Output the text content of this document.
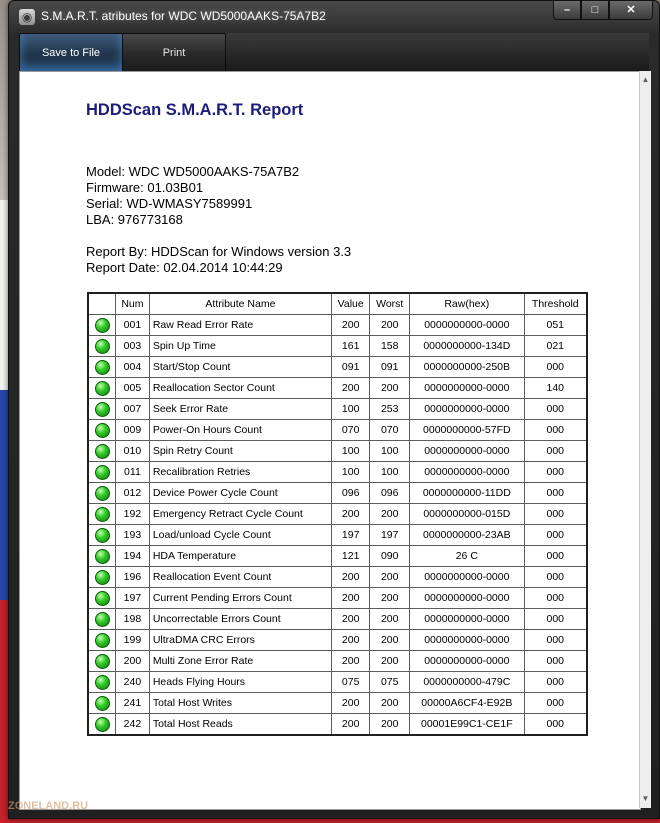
◉ S.M.A.R.T. atributes for WDC WD5000AAKS-75A7B2	–	□	✕
Save to File	Print
HDDScan S.M.A.R.T. Report
Model: WDC WD5000AAKS-75A7B2
Firmware: 01.03B01
Serial: WD-WMASY7589991
LBA: 976773168
Report By: HDDScan for Windows version 3.3
Report Date: 02.04.2014 10:44:29
	Num	Attribute Name	Value	Worst	Raw(hex)	Threshold
	001	Raw Read Error Rate	200	200	0000000000-0000	051
	003	Spin Up Time	161	158	0000000000-134D	021
	004	Start/Stop Count	091	091	0000000000-250B	000
	005	Reallocation Sector Count	200	200	0000000000-0000	140
	007	Seek Error Rate	100	253	0000000000-0000	000
	009	Power-On Hours Count	070	070	0000000000-57FD	000
	010	Spin Retry Count	100	100	0000000000-0000	000
	011	Recalibration Retries	100	100	0000000000-0000	000
	012	Device Power Cycle Count	096	096	0000000000-11DD	000
	192	Emergency Retract Cycle Count	200	200	0000000000-015D	000
	193	Load/unload Cycle Count	197	197	0000000000-23AB	000
	194	HDA Temperature	121	090	26 C	000
	196	Reallocation Event Count	200	200	0000000000-0000	000
	197	Current Pending Errors Count	200	200	0000000000-0000	000
	198	Uncorrectable Errors Count	200	200	0000000000-0000	000
	199	UltraDMA CRC Errors	200	200	0000000000-0000	000
	200	Multi Zone Error Rate	200	200	0000000000-0000	000
	240	Heads Flying Hours	075	075	0000000000-479C	000
	241	Total Host Writes	200	200	00000A6CF4-E92B	000
	242	Total Host Reads	200	200	00001E99C1-CE1F	000
▲
▼
ZONELAND.RU
